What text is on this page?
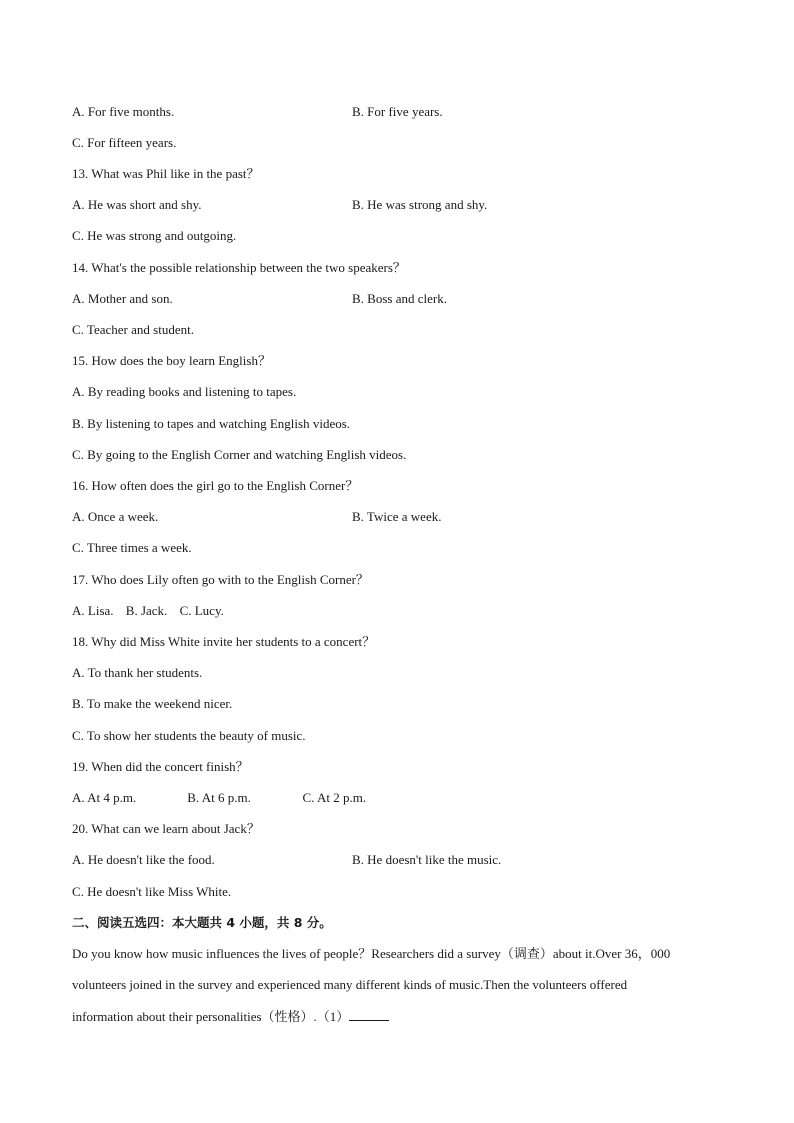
A. For five months.	B. For five years.
C. For fifteen years.
13. What was Phil like in the past？
A. He was short and shy.	B. He was strong and shy.
C. He was strong and outgoing.
14. What's the possible relationship between the two speakers？
A. Mother and son.	B. Boss and clerk.
C. Teacher and student.
15. How does the boy learn English？
A. By reading books and listening to tapes.
B. By listening to tapes and watching English videos.
C. By going to the English Corner and watching English videos.
16. How often does the girl go to the English Corner？
A. Once a week.	B. Twice a week.
C. Three times a week.
17. Who does Lily often go with to the English Corner？
A. Lisa. B. Jack. C. Lucy.
18. Why did Miss White invite her students to a concert？
A. To thank her students.
B. To make the weekend nicer.
C. To show her students the beauty of music.
19. When did the concert finish？
A. At 4 p.m.	B. At 6 p.m.	C. At 2 p.m.
20. What can we learn about Jack？
A. He doesn't like the food.	B. He doesn't like the music.
C. He doesn't like Miss White.
二、阅读五选四：本大题共 4 小题，共 8 分。
Do you know how music influences the lives of people？Researchers did a survey（调查）about it.Over 36，000
volunteers joined in the survey and experienced many different kinds of music.Then the volunteers offered
information about their personalities（性格）.（1）
